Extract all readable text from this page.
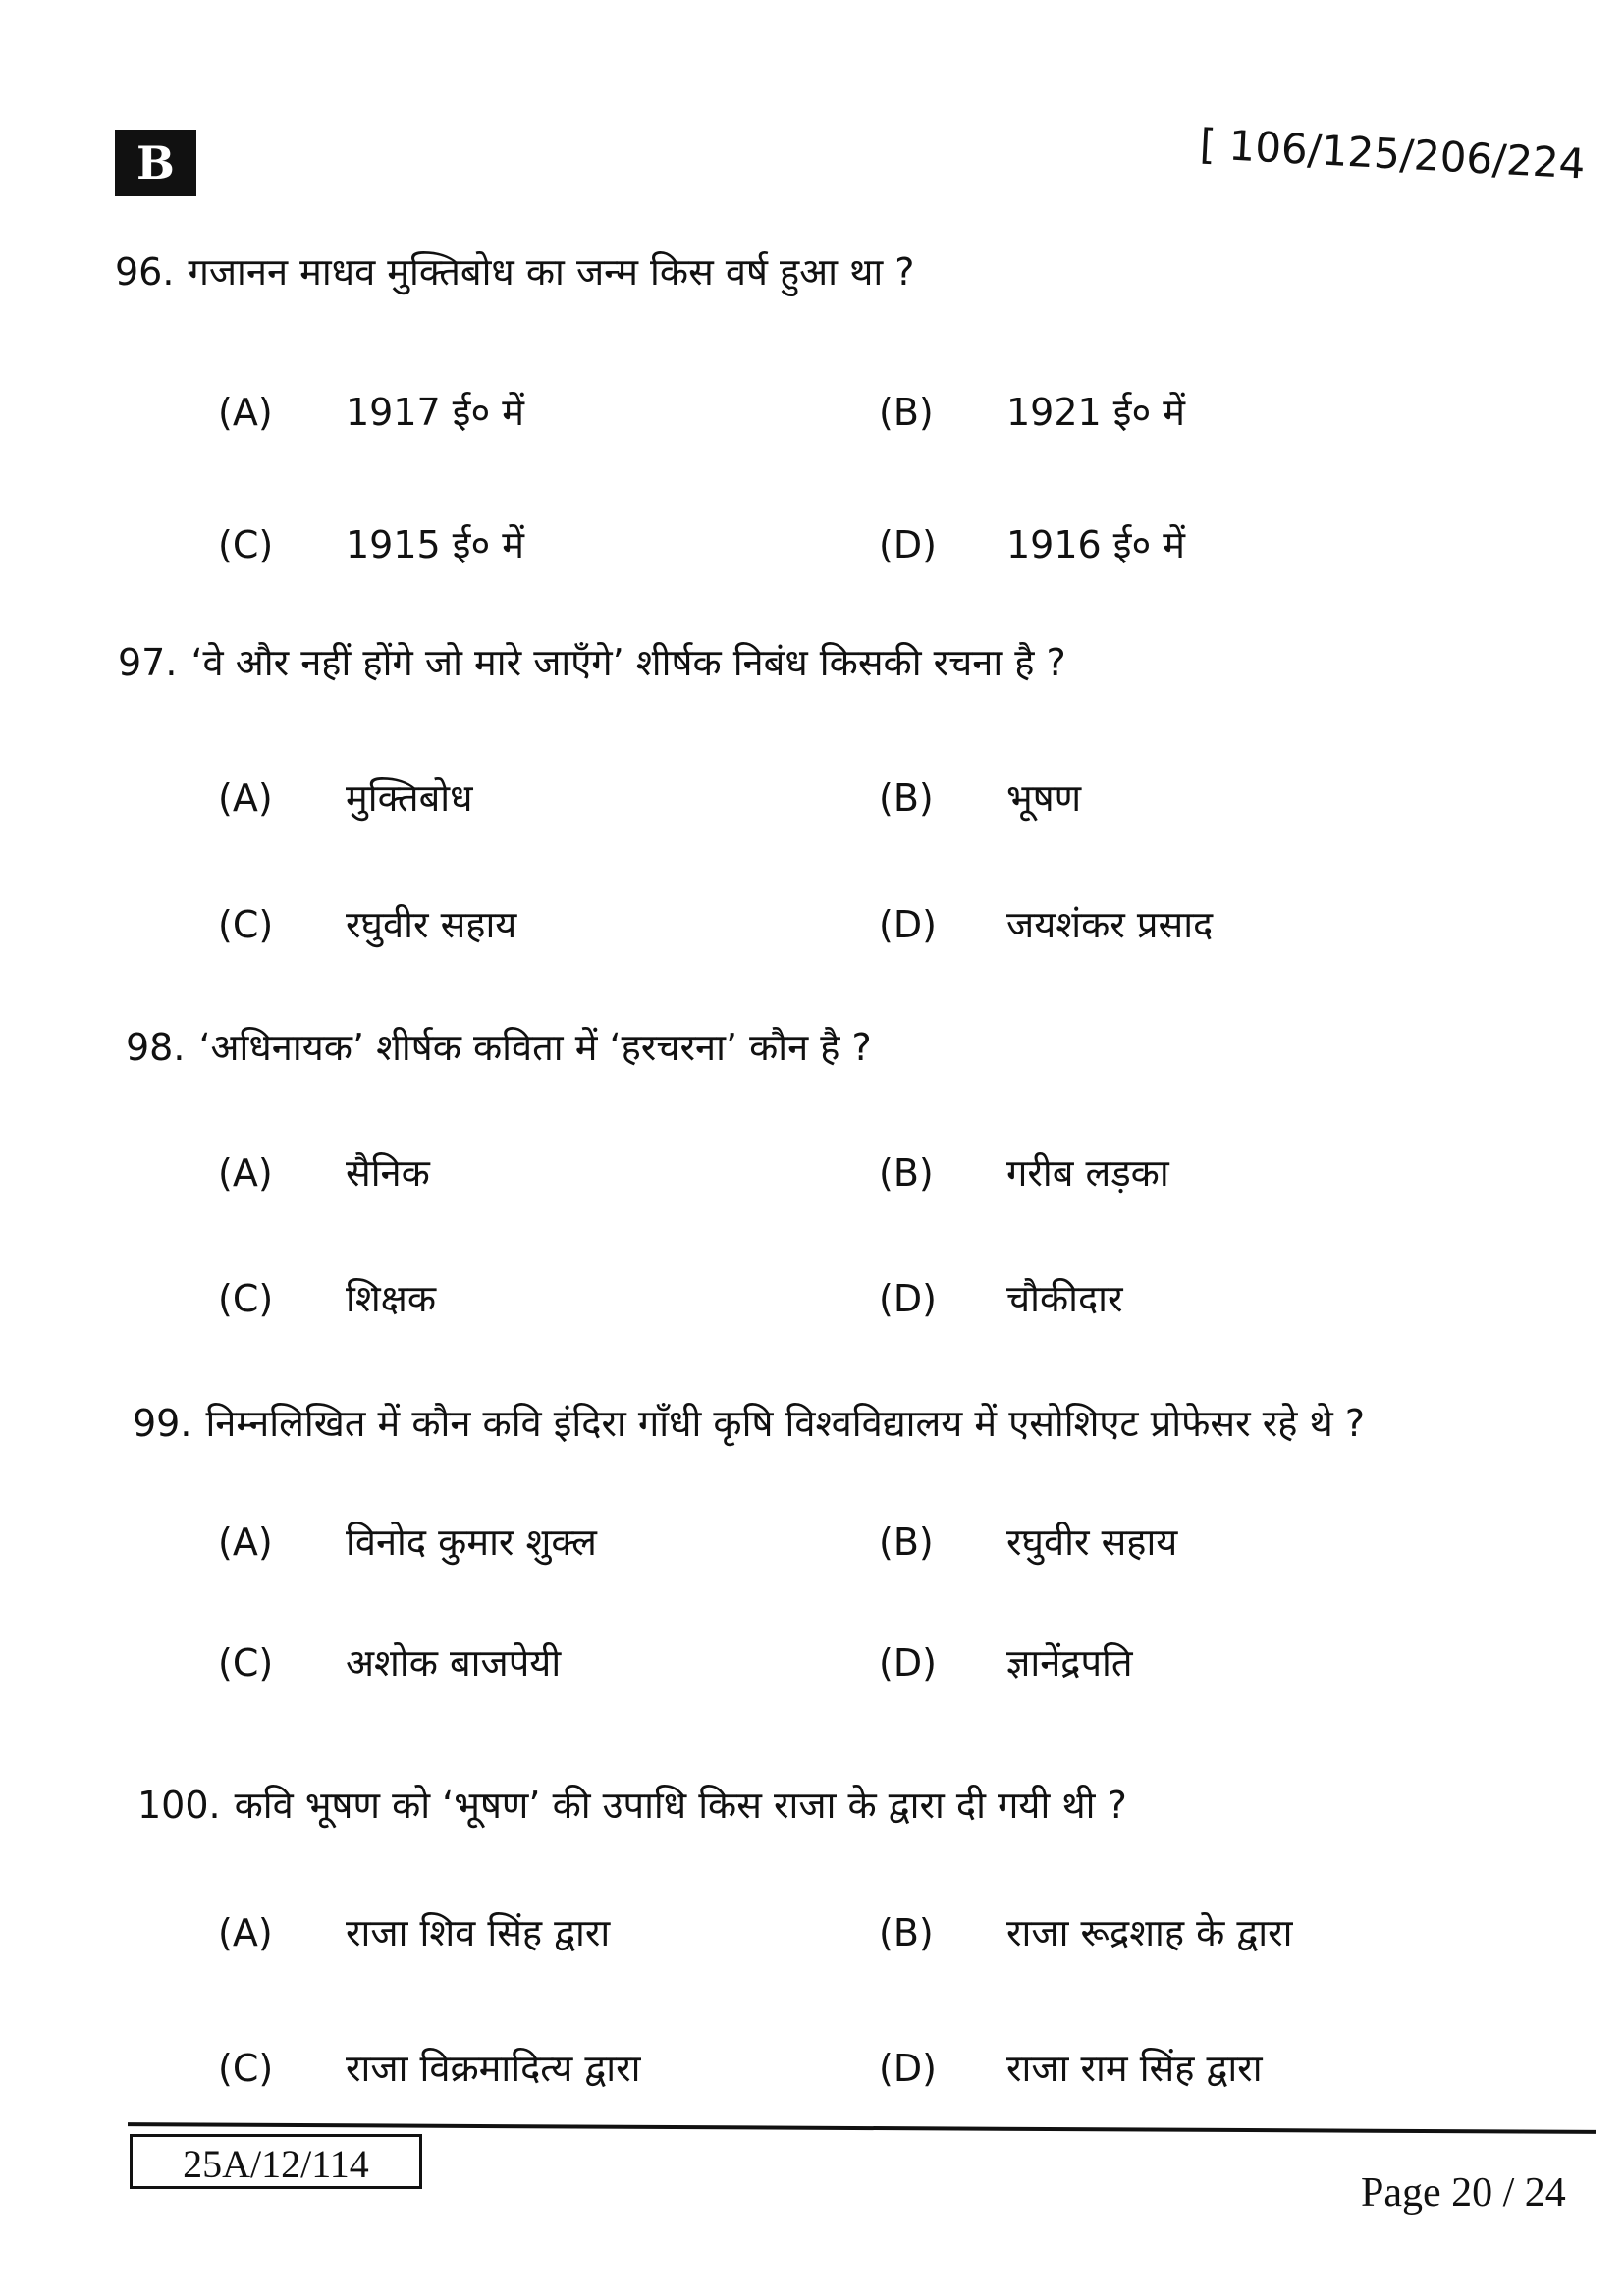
B	[ 106/125/206/224
96. गजानन माधव मुक्तिबोध का जन्म किस वर्ष हुआ था ?
(A) 1917 ई० में	(B) 1921 ई० में
(C) 1915 ई० में	(D) 1916 ई० में
97. ‘वे और नहीं होंगे जो मारे जाएँगे’ शीर्षक निबंध किसकी रचना है ?
(A) मुक्तिबोध	(B) भूषण
(C) रघुवीर सहाय	(D) जयशंकर प्रसाद
98. ‘अधिनायक’ शीर्षक कविता में ‘हरचरना’ कौन है ?
(A) सैनिक	(B) गरीब लड़का
(C) शिक्षक	(D) चौकीदार
99. निम्नलिखित में कौन कवि इंदिरा गाँधी कृषि विश्वविद्यालय में एसोशिएट प्रोफेसर रहे थे ?
(A) विनोद कुमार शुक्ल	(B) रघुवीर सहाय
(C) अशोक बाजपेयी	(D) ज्ञानेंद्रपति
100. कवि भूषण को ‘भूषण’ की उपाधि किस राजा के द्वारा दी गयी थी ?
(A) राजा शिव सिंह द्वारा	(B) राजा रूद्रशाह के द्वारा
(C) राजा विक्रमादित्य द्वारा	(D) राजा राम सिंह द्वारा
25A/12/114
Page 20 / 24
